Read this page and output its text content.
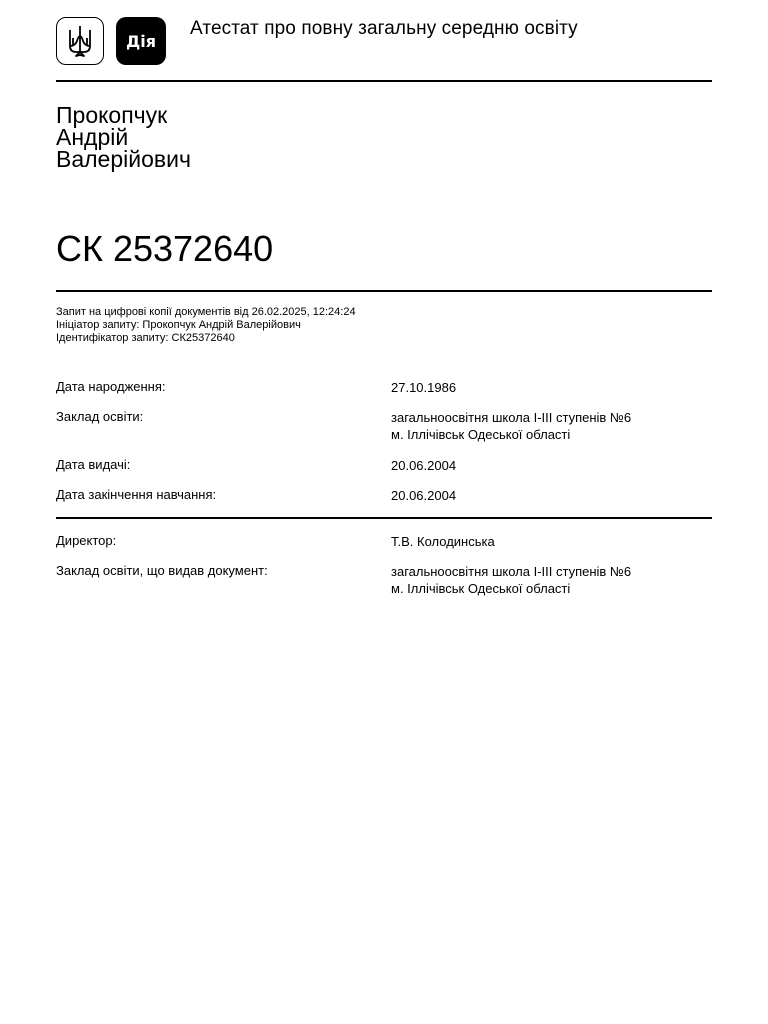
Дія
Атестат про повну загальну середню освіту
Прокопчук
Андрій
Валерійович
СК 25372640
Запит на цифрові копії документів від 26.02.2025, 12:24:24
Ініціатор запиту: Прокопчук Андрій Валерійович
Ідентифікатор запиту: СК25372640
Дата народження:	27.10.1986
Заклад освіти:	загальноосвітня школа І-ІІІ ступенів №6
м. Іллічівськ Одеської області
Дата видачі:	20.06.2004
Дата закінчення навчання:	20.06.2004
Директор:	Т.В. Колодинська
Заклад освіти, що видав документ:	загальноосвітня школа І-ІІІ ступенів №6
м. Іллічівськ Одеської області
